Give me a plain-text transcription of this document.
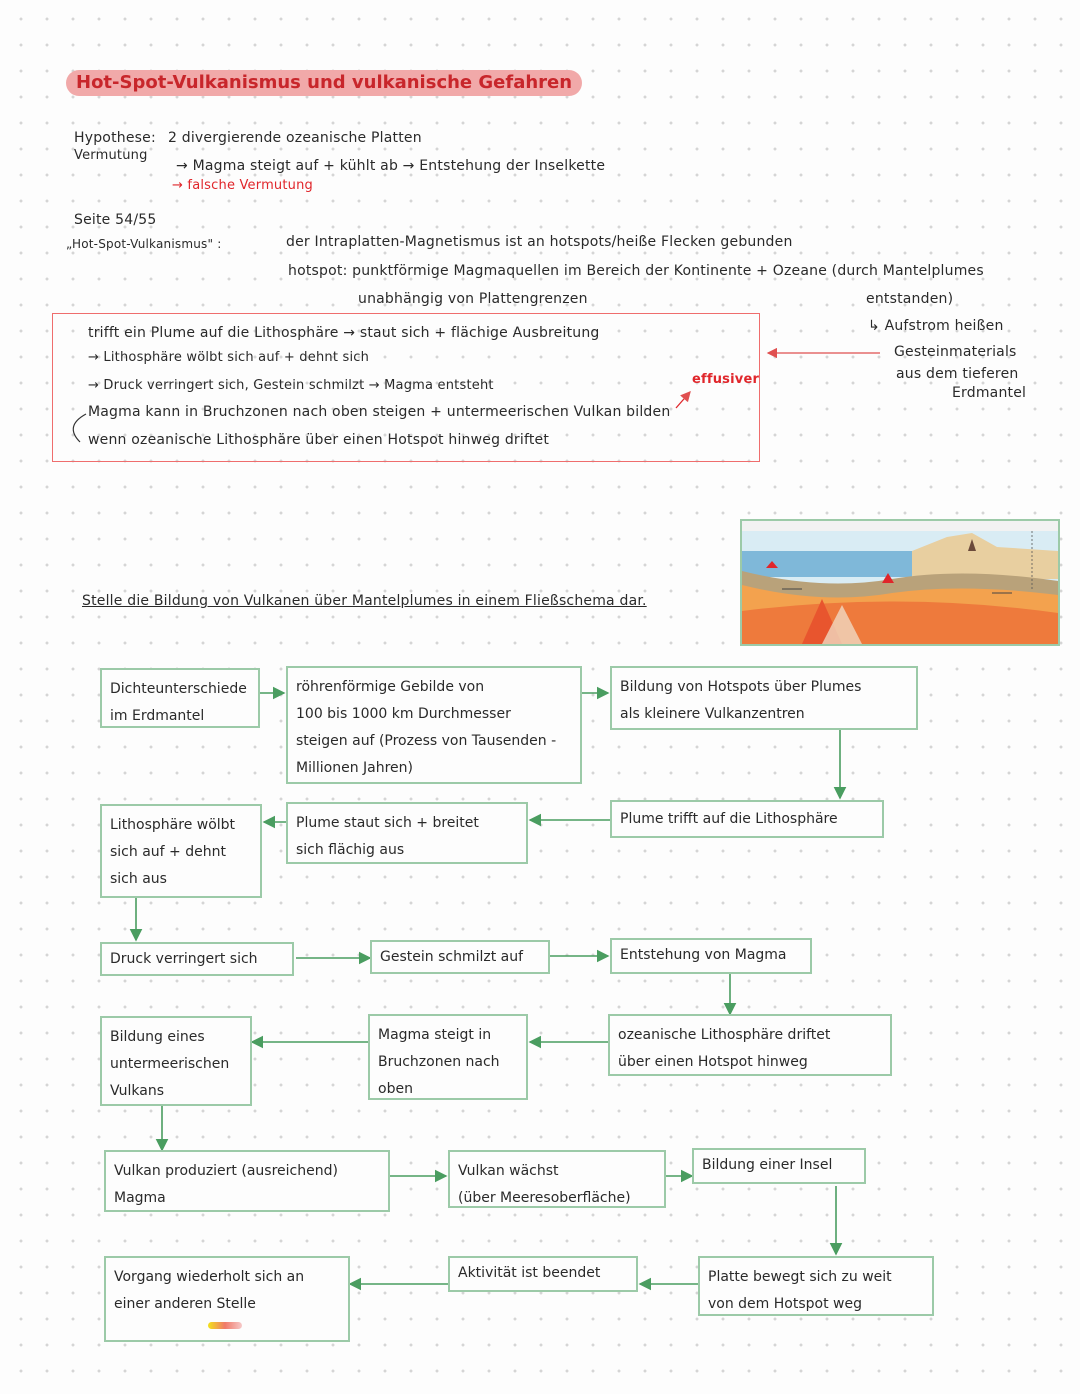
Hot-Spot-Vulkanismus und vulkanische Gefahren
Hypothese:
Vermutung
2 divergierende ozeanische Platten
→ Magma steigt auf + kühlt ab → Entstehung der Inselkette
→ falsche Vermutung
Seite 54/55
„Hot-Spot-Vulkanismus" :	der Intraplatten-Magnetismus ist an hotspots/heiße Flecken gebunden
hotspot: punktförmige Magmaquellen im Bereich der Kontinente + Ozeane (durch Mantelplumes
unabhängig von Plattengrenzen	entstanden)
↳ Aufstrom heißen
Gesteinmaterials
aus dem tieferen
Erdmantel
trifft ein Plume auf die Lithosphäre → staut sich + flächige Ausbreitung
→ Lithosphäre wölbt sich auf + dehnt sich
→ Druck verringert sich, Gestein schmilzt → Magma entsteht
Magma kann in Bruchzonen nach oben steigen + untermeerischen Vulkan bilden
wenn ozeanische Lithosphäre über einen Hotspot hinweg driftet
effusiver
Stelle die Bildung von Vulkanen über Mantelplumes in einem Fließschema dar.
Dichteunterschiede
im Erdmantel
röhrenförmige Gebilde von
100 bis 1000 km Durchmesser
steigen auf (Prozess von Tausenden -
Millionen Jahren)
Bildung von Hotspots über Plumes
als kleinere Vulkanzentren
Plume trifft auf die Lithosphäre
Plume staut sich + breitet
sich flächig aus
Lithosphäre wölbt
sich auf + dehnt
sich aus
Druck verringert sich	Gestein schmilzt auf	Entstehung von Magma
ozeanische Lithosphäre driftet
über einen Hotspot hinweg
Magma steigt in
Bruchzonen nach
oben
Bildung eines
untermeerischen
Vulkans
Vulkan produziert (ausreichend)
Magma
Vulkan wächst
(über Meeresoberfläche)
Bildung einer Insel
Platte bewegt sich zu weit
von dem Hotspot weg
Aktivität ist beendet
Vorgang wiederholt sich an
einer anderen Stelle
